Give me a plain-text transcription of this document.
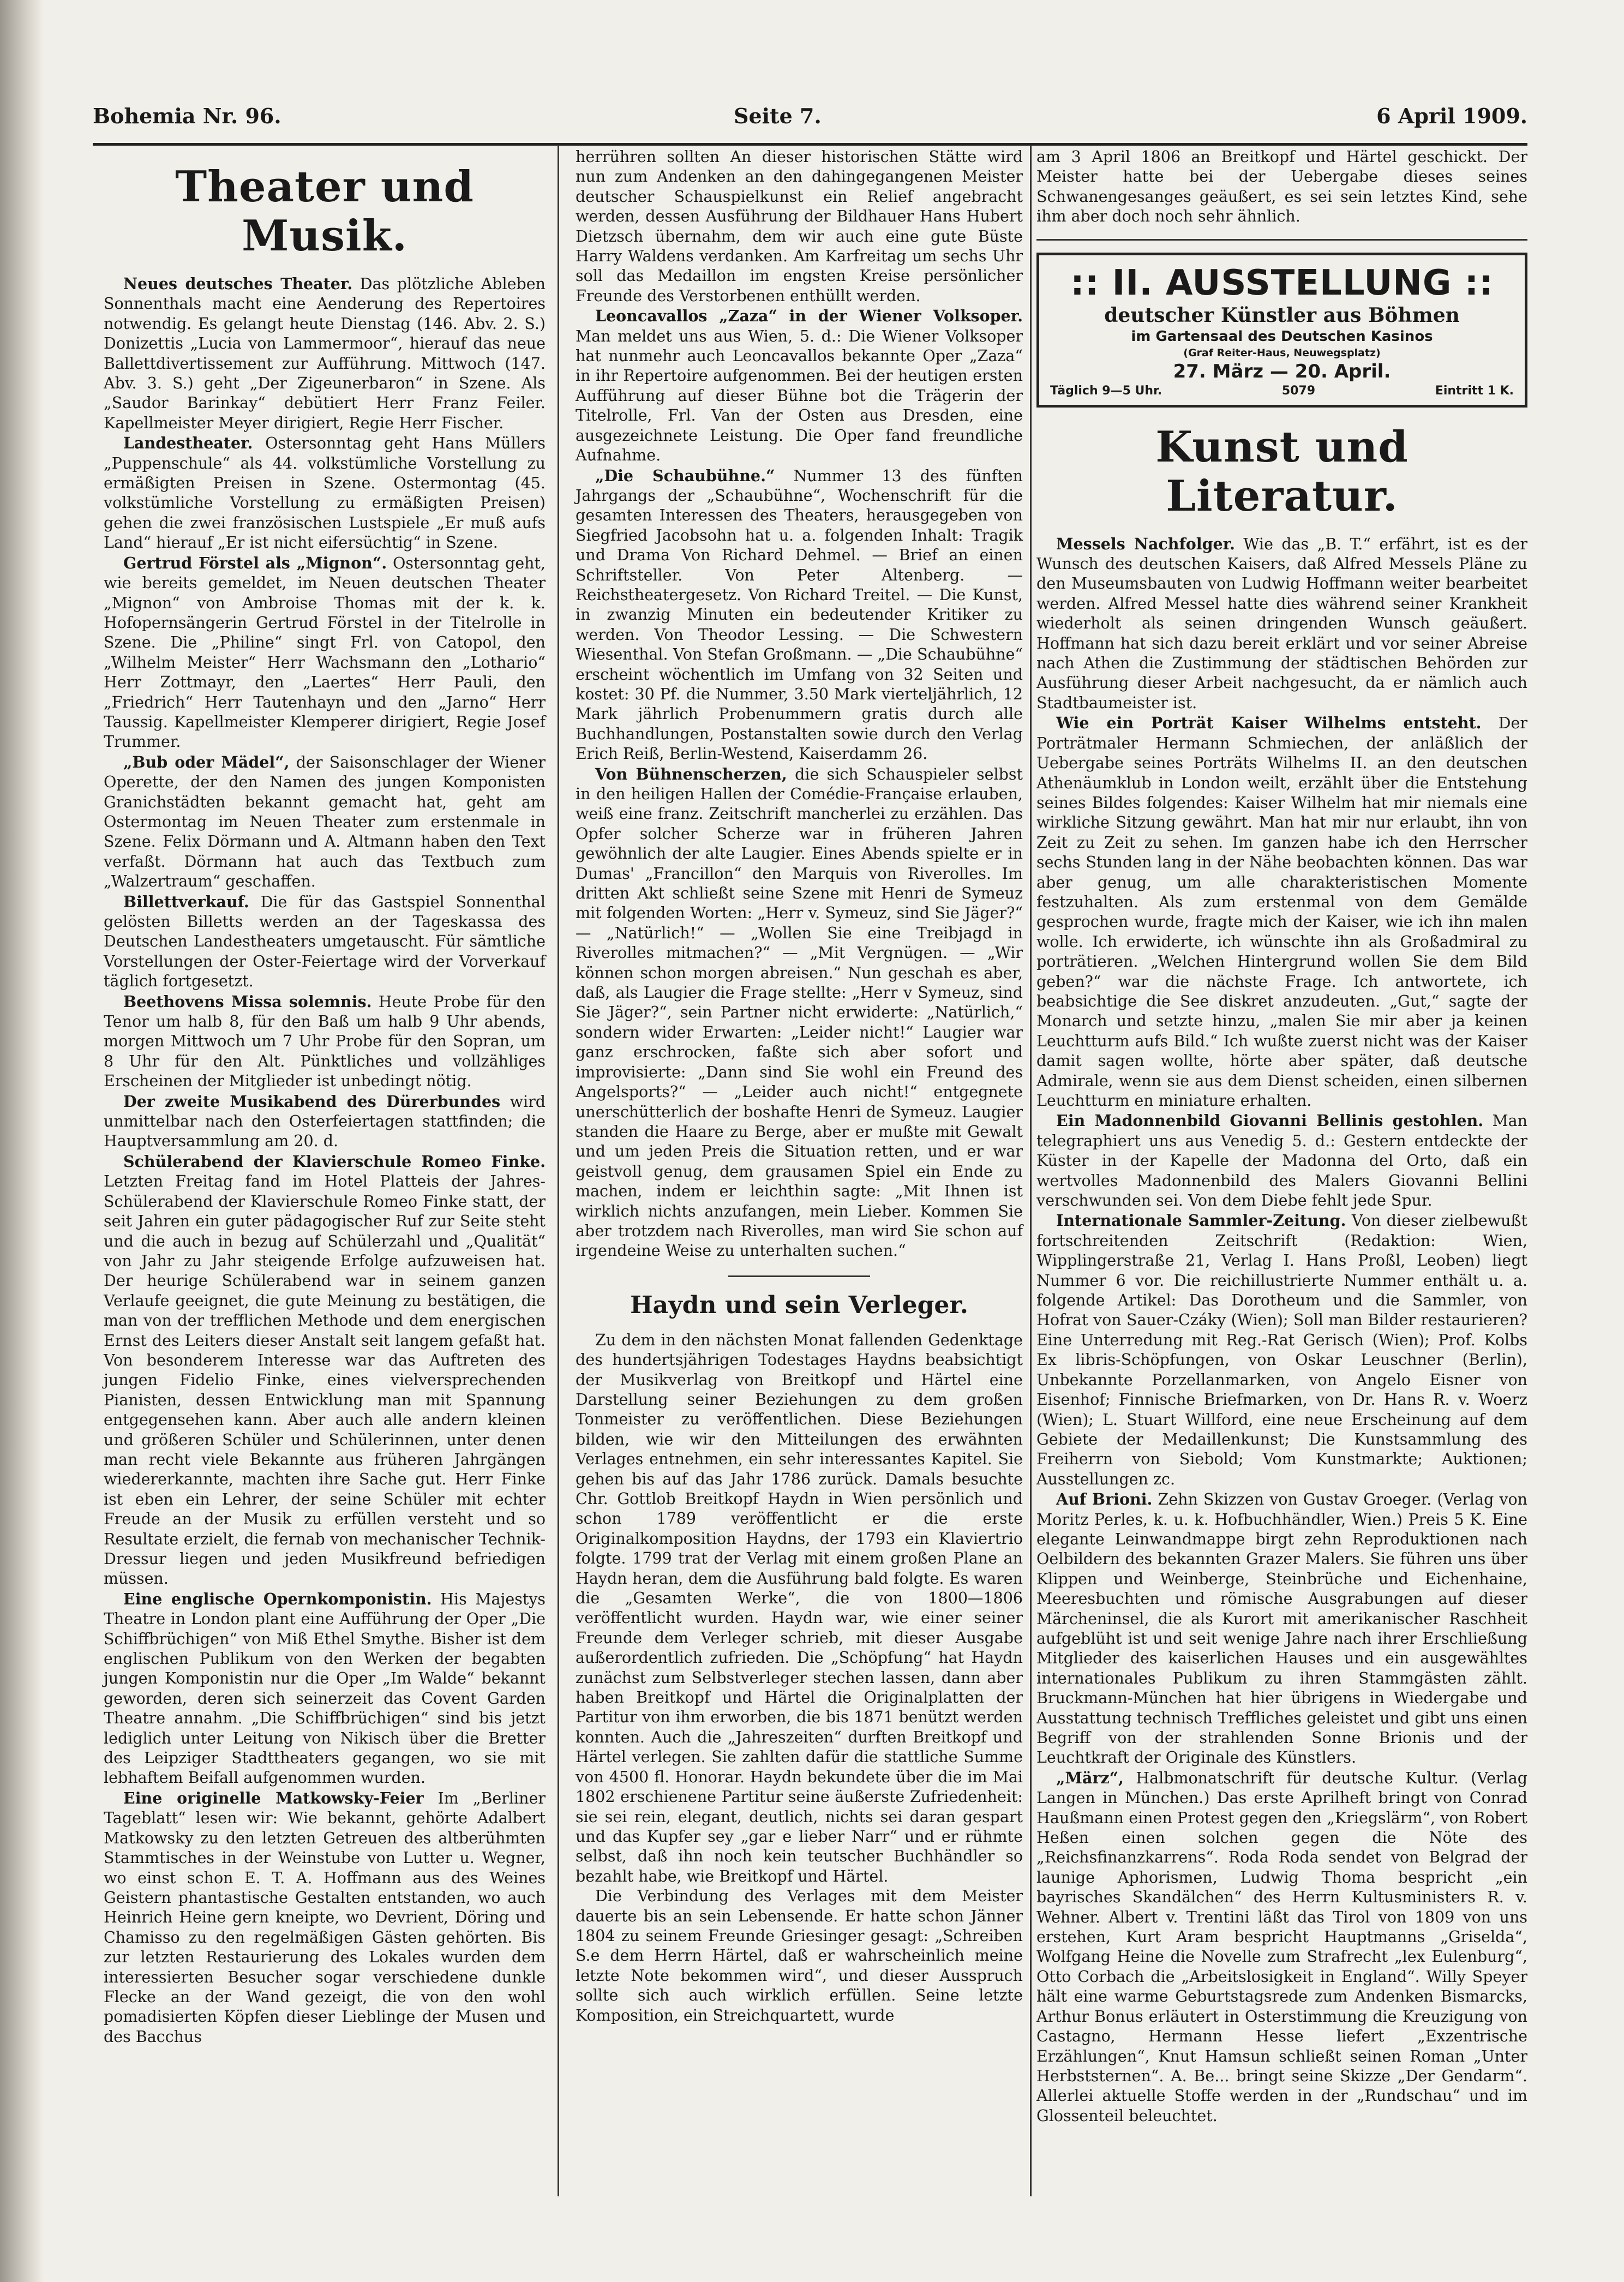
Bohemia Nr. 96.	Seite 7.	6 April 1909.
Theater und Musik.

Neues deutsches Theater. Das plötzliche Ableben Sonnenthals macht eine Aenderung des Repertoires notwendig. Es gelangt heute Dienstag (146. Abv. 2. S.) Donizettis „Lucia von Lammermoor“, hierauf das neue Ballettdivertissement zur Aufführung. Mittwoch (147. Abv. 3. S.) geht „Der Zigeunerbaron“ in Szene. Als „Saudor Barinkay“ debütiert Herr Franz Feiler. Kapellmeister Meyer dirigiert, Regie Herr Fischer.

Landestheater. Ostersonntag geht Hans Müllers „Puppenschule“ als 44. volkstümliche Vorstellung zu ermäßigten Preisen in Szene. Ostermontag (45. volkstümliche Vorstellung zu ermäßigten Preisen) gehen die zwei französischen Lustspiele „Er muß aufs Land“ hierauf „Er ist nicht eifersüchtig“ in Szene.

Gertrud Förstel als „Mignon“. Ostersonntag geht, wie bereits gemeldet, im Neuen deutschen Theater „Mignon“ von Ambroise Thomas mit der k. k. Hofopernsängerin Gertrud Förstel in der Titelrolle in Szene. Die „Philine“ singt Frl. von Catopol, den „Wilhelm Meister“ Herr Wachsmann den „Lothario“ Herr Zottmayr, den „Laertes“ Herr Pauli, den „Friedrich“ Herr Tautenhayn und den „Jarno“ Herr Taussig. Kapellmeister Klemperer dirigiert, Regie Josef Trummer.

„Bub oder Mädel“, der Saisonschlager der Wiener Operette, der den Namen des jungen Komponisten Granichstädten bekannt gemacht hat, geht am Ostermontag im Neuen Theater zum erstenmale in Szene. Felix Dörmann und A. Altmann haben den Text verfaßt. Dörmann hat auch das Textbuch zum „Walzertraum“ geschaffen.

Billettverkauf. Die für das Gastspiel Sonnenthal gelösten Billetts werden an der Tageskassa des Deutschen Landestheaters umgetauscht. Für sämtliche Vorstellungen der Oster-Feiertage wird der Vorverkauf täglich fortgesetzt.

Beethovens Missa solemnis. Heute Probe für den Tenor um halb 8, für den Baß um halb 9 Uhr abends, morgen Mittwoch um 7 Uhr Probe für den Sopran, um 8 Uhr für den Alt. Pünktliches und vollzähliges Erscheinen der Mitglieder ist unbedingt nötig.

Der zweite Musikabend des Dürerbundes wird unmittelbar nach den Osterfeiertagen stattfinden; die Hauptversammlung am 20. d.

Schülerabend der Klavierschule Romeo Finke. Letzten Freitag fand im Hotel Platteis der Jahres-Schülerabend der Klavierschule Romeo Finke statt, der seit Jahren ein guter pädagogischer Ruf zur Seite steht und die auch in bezug auf Schülerzahl und „Qualität“ von Jahr zu Jahr steigende Erfolge aufzuweisen hat. Der heurige Schülerabend war in seinem ganzen Verlaufe geeignet, die gute Meinung zu bestätigen, die man von der trefflichen Methode und dem energischen Ernst des Leiters dieser Anstalt seit langem gefaßt hat. Von besonderem Interesse war das Auftreten des jungen Fidelio Finke, eines vielversprechenden Pianisten, dessen Entwicklung man mit Spannung entgegensehen kann. Aber auch alle andern kleinen und größeren Schüler und Schülerinnen, unter denen man recht viele Bekannte aus früheren Jahrgängen wiedererkannte, machten ihre Sache gut. Herr Finke ist eben ein Lehrer, der seine Schüler mit echter Freude an der Musik zu erfüllen versteht und so Resultate erzielt, die fernab von mechanischer Technik-Dressur liegen und jeden Musikfreund befriedigen müssen.

Eine englische Opernkomponistin. His Majestys Theatre in London plant eine Aufführung der Oper „Die Schiffbrüchigen“ von Miß Ethel Smythe. Bisher ist dem englischen Publikum von den Werken der begabten jungen Komponistin nur die Oper „Im Walde“ bekannt geworden, deren sich seinerzeit das Covent Garden Theatre annahm. „Die Schiffbrüchigen“ sind bis jetzt lediglich unter Leitung von Nikisch über die Bretter des Leipziger Stadttheaters gegangen, wo sie mit lebhaftem Beifall aufgenommen wurden.

Eine originelle Matkowsky-Feier Im „Berliner Tageblatt“ lesen wir: Wie bekannt, gehörte Adalbert Matkowsky zu den letzten Getreuen des altberühmten Stammtisches in der Weinstube von Lutter u. Wegner, wo einst schon E. T. A. Hoffmann aus des Weines Geistern phantastische Gestalten entstanden, wo auch Heinrich Heine gern kneipte, wo Devrient, Döring und Chamisso zu den regelmäßigen Gästen gehörten. Bis zur letzten Restaurierung des Lokales wurden dem interessierten Besucher sogar verschiedene dunkle Flecke an der Wand gezeigt, die von den wohl pomadisierten Köpfen dieser Lieblinge der Musen und des Bacchus

herrühren sollten An dieser historischen Stätte wird nun zum Andenken an den dahingegangenen Meister deutscher Schauspielkunst ein Relief angebracht werden, dessen Ausführung der Bildhauer Hans Hubert Dietzsch übernahm, dem wir auch eine gute Büste Harry Waldens verdanken. Am Karfreitag um sechs Uhr soll das Medaillon im engsten Kreise persönlicher Freunde des Verstorbenen enthüllt werden.

Leoncavallos „Zaza“ in der Wiener Volksoper. Man meldet uns aus Wien, 5. d.: Die Wiener Volksoper hat nunmehr auch Leoncavallos bekannte Oper „Zaza“ in ihr Repertoire aufgenommen. Bei der heutigen ersten Aufführung auf dieser Bühne bot die Trägerin der Titelrolle, Frl. Van der Osten aus Dresden, eine ausgezeichnete Leistung. Die Oper fand freundliche Aufnahme.

„Die Schaubühne.“ Nummer 13 des fünften Jahrgangs der „Schaubühne“, Wochenschrift für die gesamten Interessen des Theaters, herausgegeben von Siegfried Jacobsohn hat u. a. folgenden Inhalt: Tragik und Drama Von Richard Dehmel. — Brief an einen Schriftsteller. Von Peter Altenberg. — Reichstheatergesetz. Von Richard Treitel. — Die Kunst, in zwanzig Minuten ein bedeutender Kritiker zu werden. Von Theodor Lessing. — Die Schwestern Wiesenthal. Von Stefan Großmann. — „Die Schaubühne“ erscheint wöchentlich im Umfang von 32 Seiten und kostet: 30 Pf. die Nummer, 3.50 Mark vierteljährlich, 12 Mark jährlich Probenummern gratis durch alle Buchhandlungen, Postanstalten sowie durch den Verlag Erich Reiß, Berlin-Westend, Kaiserdamm 26.

Von Bühnenscherzen, die sich Schauspieler selbst in den heiligen Hallen der Comédie-Française erlauben, weiß eine franz. Zeitschrift mancherlei zu erzählen. Das Opfer solcher Scherze war in früheren Jahren gewöhnlich der alte Laugier. Eines Abends spielte er in Dumas' „Francillon“ den Marquis von Riverolles. Im dritten Akt schließt seine Szene mit Henri de Symeuz mit folgenden Worten: „Herr v. Symeuz, sind Sie Jäger?“ — „Natürlich!“ — „Wollen Sie eine Treibjagd in Riverolles mitmachen?“ — „Mit Vergnügen. — „Wir können schon morgen abreisen.“ Nun geschah es aber, daß, als Laugier die Frage stellte: „Herr v Symeuz, sind Sie Jäger?“, sein Partner nicht erwiderte: „Natürlich,“ sondern wider Erwarten: „Leider nicht!“ Laugier war ganz erschrocken, faßte sich aber sofort und improvisierte: „Dann sind Sie wohl ein Freund des Angelsports?“ — „Leider auch nicht!“ entgegnete unerschütterlich der boshafte Henri de Symeuz. Laugier standen die Haare zu Berge, aber er mußte mit Gewalt und um jeden Preis die Situation retten, und er war geistvoll genug, dem grausamen Spiel ein Ende zu machen, indem er leichthin sagte: „Mit Ihnen ist wirklich nichts anzufangen, mein Lieber. Kommen Sie aber trotzdem nach Riverolles, man wird Sie schon auf irgendeine Weise zu unterhalten suchen.“

Haydn und sein Verleger.

Zu dem in den nächsten Monat fallenden Gedenktage des hundertsjährigen Todestages Haydns beabsichtigt der Musikverlag von Breitkopf und Härtel eine Darstellung seiner Beziehungen zu dem großen Tonmeister zu veröffentlichen. Diese Beziehungen bilden, wie wir den Mitteilungen des erwähnten Verlages entnehmen, ein sehr interessantes Kapitel. Sie gehen bis auf das Jahr 1786 zurück. Damals besuchte Chr. Gottlob Breitkopf Haydn in Wien persönlich und schon 1789 veröffentlicht er die erste Originalkomposition Haydns, der 1793 ein Klaviertrio folgte. 1799 trat der Verlag mit einem großen Plane an Haydn heran, dem die Ausführung bald folgte. Es waren die „Gesamten Werke“, die von 1800—1806 veröffentlicht wurden. Haydn war, wie einer seiner Freunde dem Verleger schrieb, mit dieser Ausgabe außerordentlich zufrieden. Die „Schöpfung“ hat Haydn zunächst zum Selbstverleger stechen lassen, dann aber haben Breitkopf und Härtel die Originalplatten der Partitur von ihm erworben, die bis 1871 benützt werden konnten. Auch die „Jahreszeiten“ durften Breitkopf und Härtel verlegen. Sie zahlten dafür die stattliche Summe von 4500 fl. Honorar. Haydn bekundete über die im Mai 1802 erschienene Partitur seine äußerste Zufriedenheit: sie sei rein, elegant, deutlich, nichts sei daran gespart und das Kupfer sey „gar e lieber Narr“ und er rühmte selbst, daß ihn noch kein teutscher Buchhändler so bezahlt habe, wie Breitkopf und Härtel.

Die Verbindung des Verlages mit dem Meister dauerte bis an sein Lebensende. Er hatte schon Jänner 1804 zu seinem Freunde Griesinger gesagt: „Schreiben S.e dem Herrn Härtel, daß er wahrscheinlich meine letzte Note bekommen wird“, und dieser Ausspruch sollte sich auch wirklich erfüllen. Seine letzte Komposition, ein Streichquartett, wurde

am 3 April 1806 an Breitkopf und Härtel geschickt. Der Meister hatte bei der Uebergabe dieses seines Schwanengesanges geäußert, es sei sein letztes Kind, sehe ihm aber doch noch sehr ähnlich.

:: II. AUSSTELLUNG ::
deutscher Künstler aus Böhmen
im Gartensaal des Deutschen Kasinos
(Graf Reiter-Haus, Neuwegsplatz)
27. März — 20. April.
Täglich 9—5 Uhr.	5079	Eintritt 1 K.
Kunst und Literatur.

Messels Nachfolger. Wie das „B. T.“ erfährt, ist es der Wunsch des deutschen Kaisers, daß Alfred Messels Pläne zu den Museumsbauten von Ludwig Hoffmann weiter bearbeitet werden. Alfred Messel hatte dies während seiner Krankheit wiederholt als seinen dringenden Wunsch geäußert. Hoffmann hat sich dazu bereit erklärt und vor seiner Abreise nach Athen die Zustimmung der städtischen Behörden zur Ausführung dieser Arbeit nachgesucht, da er nämlich auch Stadtbaumeister ist.

Wie ein Porträt Kaiser Wilhelms entsteht. Der Porträtmaler Hermann Schmiechen, der anläßlich der Uebergabe seines Porträts Wilhelms II. an den deutschen Athenäumklub in London weilt, erzählt über die Entstehung seines Bildes folgendes: Kaiser Wilhelm hat mir niemals eine wirkliche Sitzung gewährt. Man hat mir nur erlaubt, ihn von Zeit zu Zeit zu sehen. Im ganzen habe ich den Herrscher sechs Stunden lang in der Nähe beobachten können. Das war aber genug, um alle charakteristischen Momente festzuhalten. Als zum erstenmal von dem Gemälde gesprochen wurde, fragte mich der Kaiser, wie ich ihn malen wolle. Ich erwiderte, ich wünschte ihn als Großadmiral zu porträtieren. „Welchen Hintergrund wollen Sie dem Bild geben?“ war die nächste Frage. Ich antwortete, ich beabsichtige die See diskret anzudeuten. „Gut,“ sagte der Monarch und setzte hinzu, „malen Sie mir aber ja keinen Leuchtturm aufs Bild.“ Ich wußte zuerst nicht was der Kaiser damit sagen wollte, hörte aber später, daß deutsche Admirale, wenn sie aus dem Dienst scheiden, einen silbernen Leuchtturm en miniature erhalten.

Ein Madonnenbild Giovanni Bellinis gestohlen. Man telegraphiert uns aus Venedig 5. d.: Gestern entdeckte der Küster in der Kapelle der Madonna del Orto, daß ein wertvolles Madonnenbild des Malers Giovanni Bellini verschwunden sei. Von dem Diebe fehlt jede Spur.

Internationale Sammler-Zeitung. Von dieser zielbewußt fortschreitenden Zeitschrift (Redaktion: Wien, Wipplingerstraße 21, Verlag I. Hans Proßl, Leoben) liegt Nummer 6 vor. Die reichillustrierte Nummer enthält u. a. folgende Artikel: Das Dorotheum und die Sammler, von Hofrat von Sauer-Czáky (Wien); Soll man Bilder restaurieren? Eine Unterredung mit Reg.-Rat Gerisch (Wien); Prof. Kolbs Ex libris-Schöpfungen, von Oskar Leuschner (Berlin), Unbekannte Porzellanmarken, von Angelo Eisner von Eisenhof; Finnische Briefmarken, von Dr. Hans R. v. Woerz (Wien); L. Stuart Willford, eine neue Erscheinung auf dem Gebiete der Medaillenkunst; Die Kunstsammlung des Freiherrn von Siebold; Vom Kunstmarkte; Auktionen; Ausstellungen zc.

Auf Brioni. Zehn Skizzen von Gustav Groeger. (Verlag von Moritz Perles, k. u. k. Hofbuchhändler, Wien.) Preis 5 K. Eine elegante Leinwandmappe birgt zehn Reproduktionen nach Oelbildern des bekannten Grazer Malers. Sie führen uns über Klippen und Weinberge, Steinbrüche und Eichenhaine, Meeresbuchten und römische Ausgrabungen auf dieser Märcheninsel, die als Kurort mit amerikanischer Raschheit aufgeblüht ist und seit wenige Jahre nach ihrer Erschließung Mitglieder des kaiserlichen Hauses und ein ausgewähltes internationales Publikum zu ihren Stammgästen zählt. Bruckmann-München hat hier übrigens in Wiedergabe und Ausstattung technisch Treffliches geleistet und gibt uns einen Begriff von der strahlenden Sonne Brionis und der Leuchtkraft der Originale des Künstlers.

„März“, Halbmonatschrift für deutsche Kultur. (Verlag Langen in München.) Das erste Aprilheft bringt von Conrad Haußmann einen Protest gegen den „Kriegslärm“, von Robert Heßen einen solchen gegen die Nöte des „Reichsfinanzkarrens“. Roda Roda sendet von Belgrad der launige Aphorismen, Ludwig Thoma bespricht „ein bayrisches Skandälchen“ des Herrn Kultusministers R. v. Wehner. Albert v. Trentini läßt das Tirol von 1809 von uns erstehen, Kurt Aram bespricht Hauptmanns „Griselda“, Wolfgang Heine die Novelle zum Strafrecht „lex Eulenburg“, Otto Corbach die „Arbeitslosigkeit in England“. Willy Speyer hält eine warme Geburtstagsrede zum Andenken Bismarcks, Arthur Bonus erläutert in Osterstimmung die Kreuzigung von Castagno, Hermann Hesse liefert „Exzentrische Erzählungen“, Knut Hamsun schließt seinen Roman „Unter Herbststernen“. A. Be... bringt seine Skizze „Der Gendarm“. Allerlei aktuelle Stoffe werden in der „Rundschau“ und im Glossenteil beleuchtet.
